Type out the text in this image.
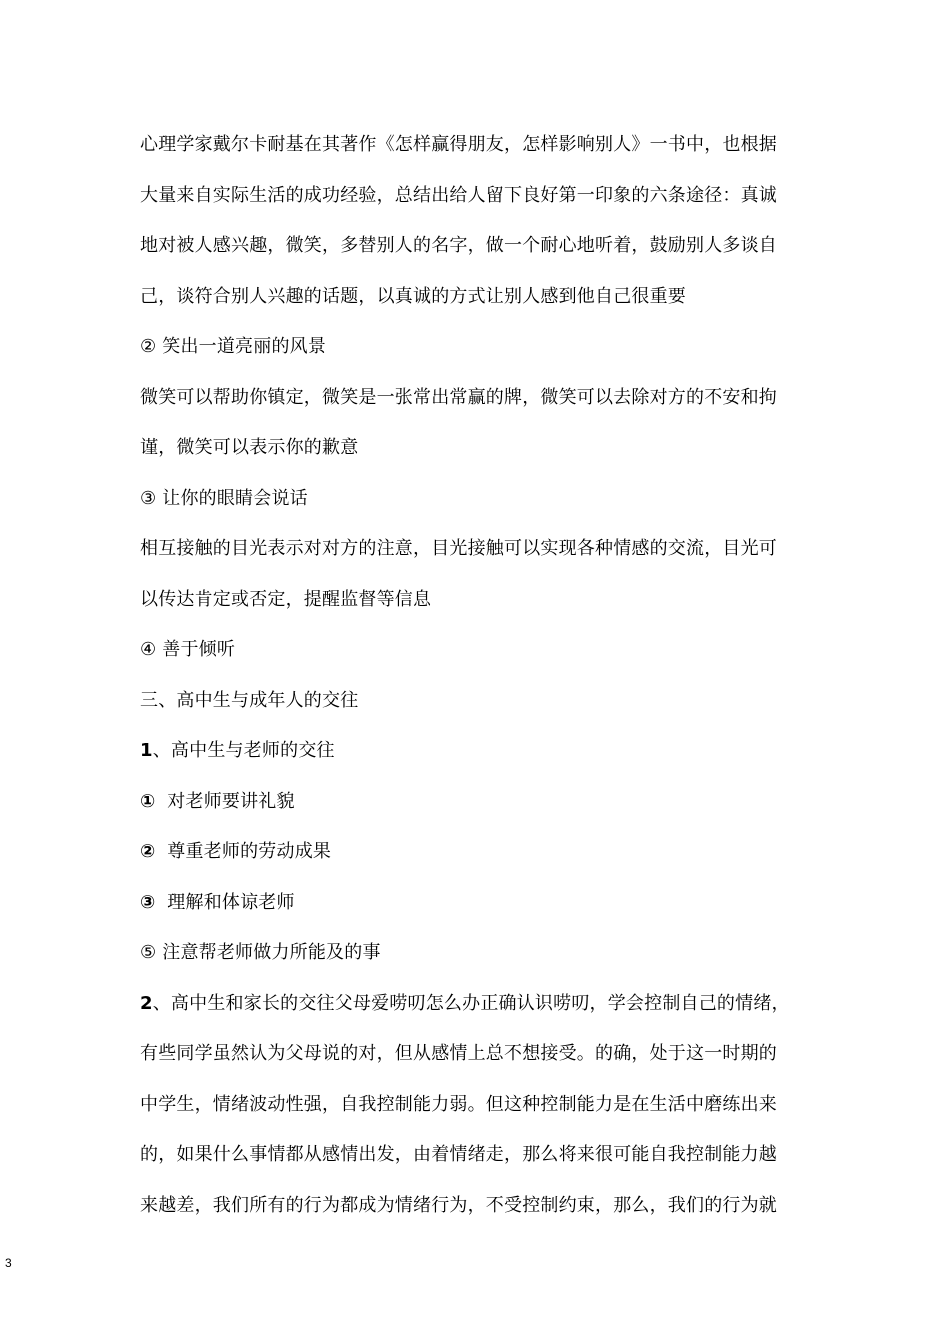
心理学家戴尔卡耐基在其著作《怎样赢得朋友，怎样影响别人》一书中，也根据
大量来自实际生活的成功经验，总结出给人留下良好第一印象的六条途径：真诚
地对被人感兴趣，微笑，多替别人的名字，做一个耐心地听着，鼓励别人多谈自
己，谈符合别人兴趣的话题，以真诚的方式让别人感到他自己很重要
② 笑出一道亮丽的风景
微笑可以帮助你镇定，微笑是一张常出常赢的牌，微笑可以去除对方的不安和拘
谨，微笑可以表示你的歉意
③ 让你的眼睛会说话
相互接触的目光表示对对方的注意，目光接触可以实现各种情感的交流，目光可
以传达肯定或否定，提醒监督等信息
④ 善于倾听
三、高中生与成年人的交往
1、高中生与老师的交往
①  对老师要讲礼貌
②  尊重老师的劳动成果
③  理解和体谅老师
⑤ 注意帮老师做力所能及的事
2、高中生和家长的交往父母爱唠叨怎么办正确认识唠叨，学会控制自己的情绪，
有些同学虽然认为父母说的对，但从感情上总不想接受。的确，处于这一时期的
中学生，情绪波动性强，自我控制能力弱。但这种控制能力是在生活中磨练出来
的，如果什么事情都从感情出发，由着情绪走，那么将来很可能自我控制能力越
来越差，我们所有的行为都成为情绪行为，不受控制约束，那么，我们的行为就
3
